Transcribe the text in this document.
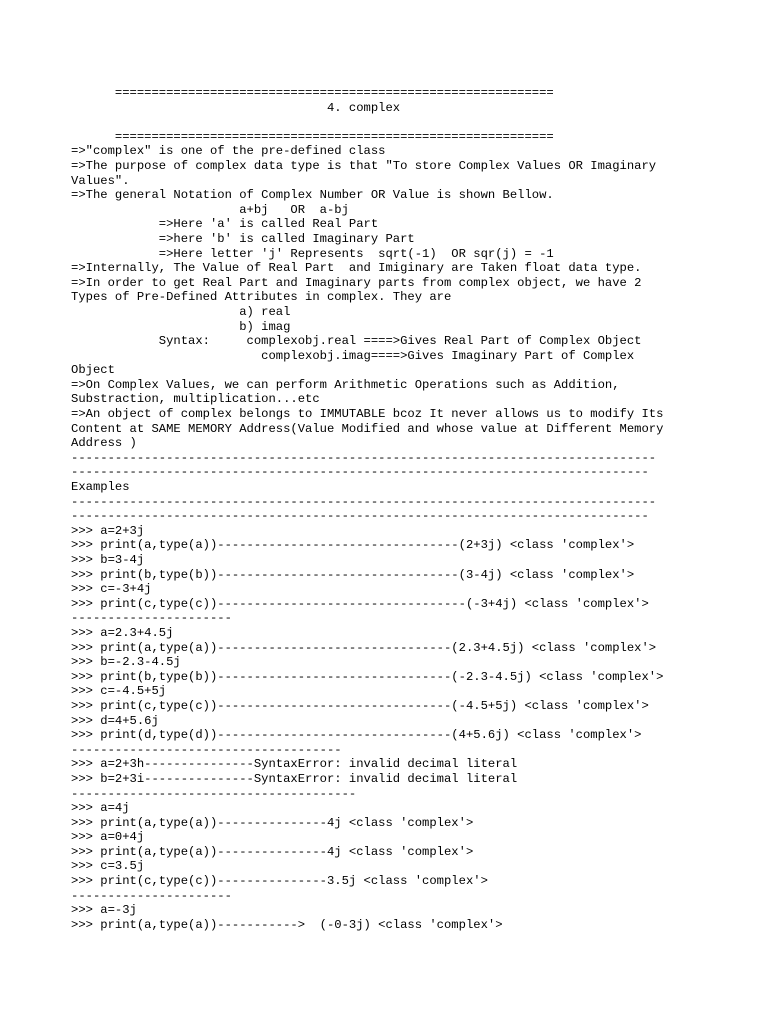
============================================================
4. complex
============================================================
=>"complex" is one of the pre-defined class
=>The purpose of complex data type is that "To store Complex Values OR Imaginary
Values".
=>The general Notation of Complex Number OR Value is shown Bellow.
a+bj   OR  a-bj
=>Here 'a' is called Real Part
=>here 'b' is called Imaginary Part
=>Here letter 'j' Represents  sqrt(-1)  OR sqr(j) = -1
=>Internally, The Value of Real Part  and Imiginary are Taken float data type.
=>In order to get Real Part and Imaginary parts from complex object, we have 2
Types of Pre-Defined Attributes in complex. They are
a) real
b) imag
Syntax:     complexobj.real ====>Gives Real Part of Complex Object
complexobj.imag====>Gives Imaginary Part of Complex
Object
=>On Complex Values, we can perform Arithmetic Operations such as Addition,
Substraction, multiplication...etc
=>An object of complex belongs to IMMUTABLE bcoz It never allows us to modify Its
Content at SAME MEMORY Address(Value Modified and whose value at Different Memory
Address )
--------------------------------------------------------------------------------
-------------------------------------------------------------------------------
Examples
--------------------------------------------------------------------------------
-------------------------------------------------------------------------------
>>> a=2+3j
>>> print(a,type(a))---------------------------------(2+3j) <class 'complex'>
>>> b=3-4j
>>> print(b,type(b))---------------------------------(3-4j) <class 'complex'>
>>> c=-3+4j
>>> print(c,type(c))----------------------------------(-3+4j) <class 'complex'>
----------------------
>>> a=2.3+4.5j
>>> print(a,type(a))--------------------------------(2.3+4.5j) <class 'complex'>
>>> b=-2.3-4.5j
>>> print(b,type(b))--------------------------------(-2.3-4.5j) <class 'complex'>
>>> c=-4.5+5j
>>> print(c,type(c))--------------------------------(-4.5+5j) <class 'complex'>
>>> d=4+5.6j
>>> print(d,type(d))--------------------------------(4+5.6j) <class 'complex'>
-------------------------------------
>>> a=2+3h---------------SyntaxError: invalid decimal literal
>>> b=2+3i---------------SyntaxError: invalid decimal literal
---------------------------------------
>>> a=4j
>>> print(a,type(a))---------------4j <class 'complex'>
>>> a=0+4j
>>> print(a,type(a))---------------4j <class 'complex'>
>>> c=3.5j
>>> print(c,type(c))---------------3.5j <class 'complex'>
----------------------
>>> a=-3j
>>> print(a,type(a))----------->  (-0-3j) <class 'complex'>
